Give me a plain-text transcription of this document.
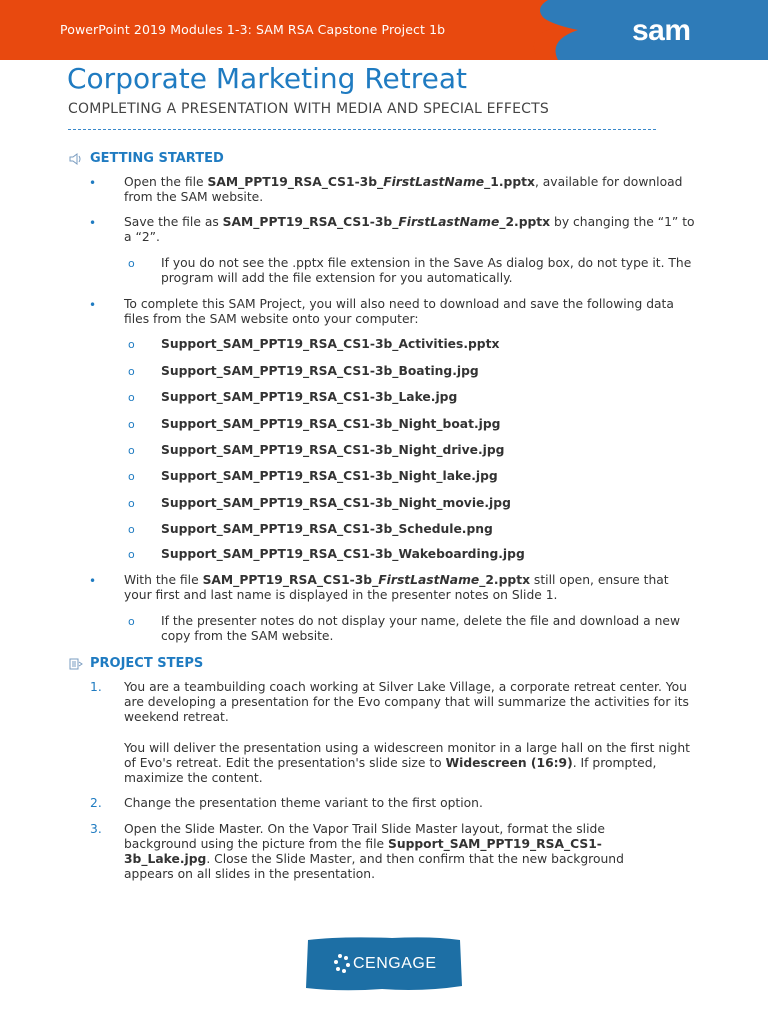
PowerPoint 2019 Modules 1-3: SAM RSA Capstone Project 1b	sam
Corporate Marketing Retreat
COMPLETING A PRESENTATION WITH MEDIA AND SPECIAL EFFECTS
GETTING STARTED
• Open the file SAM_PPT19_RSA_CS1-3b_FirstLastName_1.pptx, available for download from the SAM website.
• Save the file as SAM_PPT19_RSA_CS1-3b_FirstLastName_2.pptx by changing the “1” to a “2”.
o If you do not see the .pptx file extension in the Save As dialog box, do not type it. The program will add the file extension for you automatically.
• To complete this SAM Project, you will also need to download and save the following data files from the SAM website onto your computer:
o Support_SAM_PPT19_RSA_CS1-3b_Activities.pptx
o Support_SAM_PPT19_RSA_CS1-3b_Boating.jpg
o Support_SAM_PPT19_RSA_CS1-3b_Lake.jpg
o Support_SAM_PPT19_RSA_CS1-3b_Night_boat.jpg
o Support_SAM_PPT19_RSA_CS1-3b_Night_drive.jpg
o Support_SAM_PPT19_RSA_CS1-3b_Night_lake.jpg
o Support_SAM_PPT19_RSA_CS1-3b_Night_movie.jpg
o Support_SAM_PPT19_RSA_CS1-3b_Schedule.png
o Support_SAM_PPT19_RSA_CS1-3b_Wakeboarding.jpg
• With the file SAM_PPT19_RSA_CS1-3b_FirstLastName_2.pptx still open, ensure that your first and last name is displayed in the presenter notes on Slide 1.
o If the presenter notes do not display your name, delete the file and download a new copy from the SAM website.
PROJECT STEPS
1. You are a teambuilding coach working at Silver Lake Village, a corporate retreat center. You are developing a presentation for the Evo company that will summarize the activities for its weekend retreat.
You will deliver the presentation using a widescreen monitor in a large hall on the first night of Evo's retreat. Edit the presentation's slide size to Widescreen (16:9). If prompted, maximize the content.
2. Change the presentation theme variant to the first option.
3. Open the Slide Master. On the Vapor Trail Slide Master layout, format the slide background using the picture from the file Support_SAM_PPT19_RSA_CS1-3b_Lake.jpg. Close the Slide Master, and then confirm that the new background appears on all slides in the presentation.
CENGAGE
